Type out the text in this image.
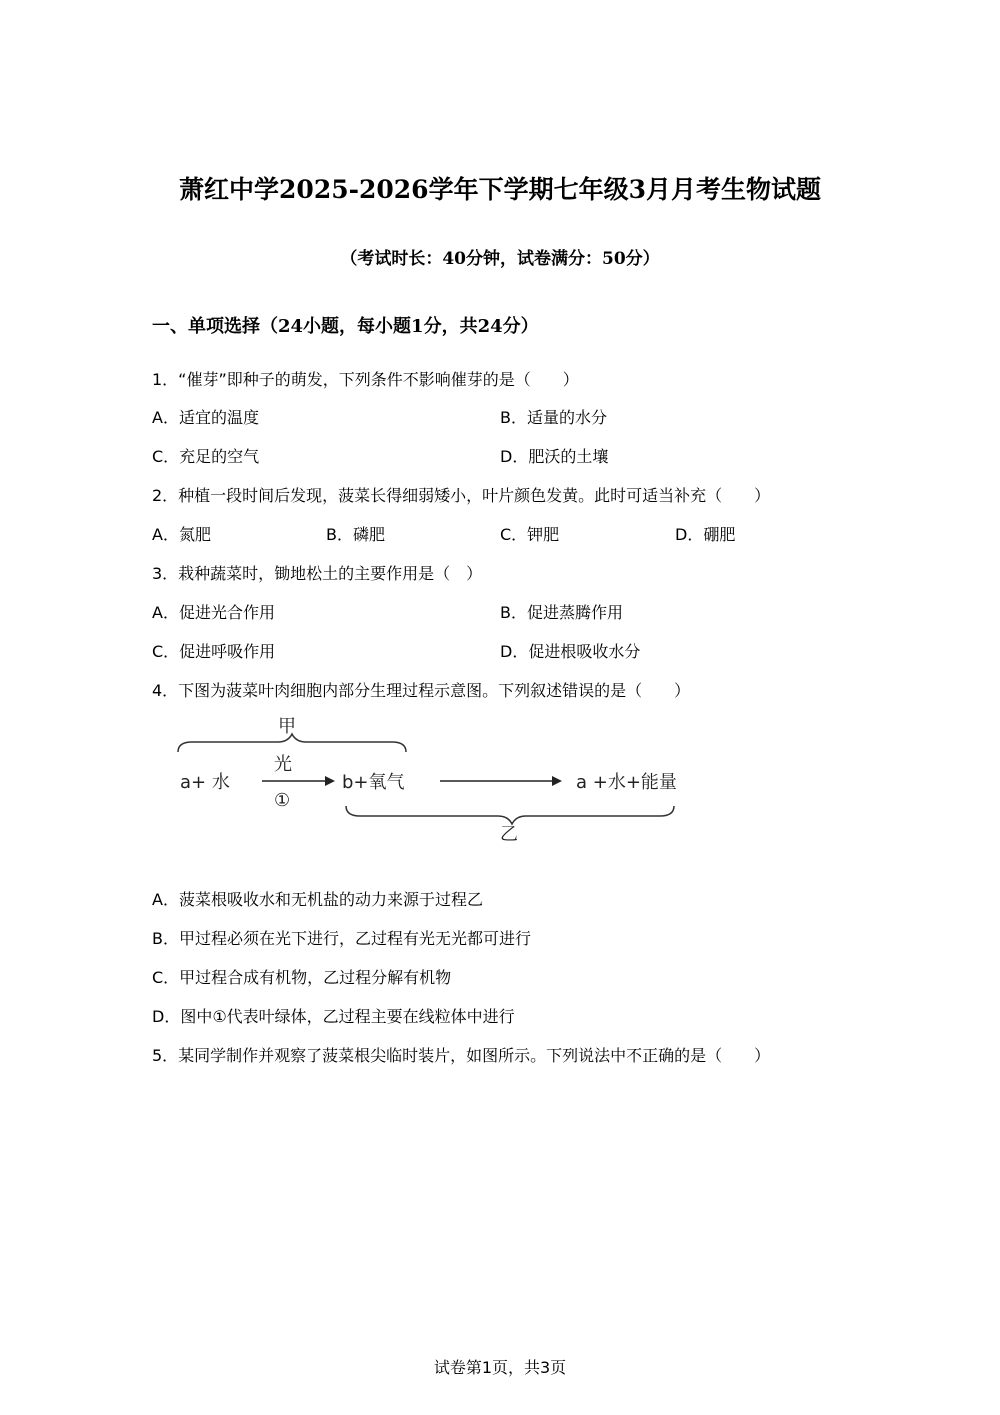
萧红中学2025-2026学年下学期七年级3月月考生物试题
（考试时长：40分钟，试卷满分：50分）
一、单项选择（24小题，每小题1分，共24分）
1．“催芽”即种子的萌发，下列条件不影响催芽的是（　　）
A．适宜的温度	B．适量的水分
C．充足的空气	D．肥沃的土壤
2．种植一段时间后发现，菠菜长得细弱矮小，叶片颜色发黄。此时可适当补充（　　）
A．氮肥	B．磷肥	C．钾肥	D．硼肥
3．栽种蔬菜时，锄地松土的主要作用是（　）
A．促进光合作用	B．促进蒸腾作用
C．促进呼吸作用	D．促进根吸收水分
4．下图为菠菜叶肉细胞内部分生理过程示意图。下列叙述错误的是（　　）
甲
a+ 水
光
①
b+氧气	a +水+能量
乙
A．菠菜根吸收水和无机盐的动力来源于过程乙
B．甲过程必须在光下进行，乙过程有光无光都可进行
C．甲过程合成有机物，乙过程分解有机物
D．图中①代表叶绿体，乙过程主要在线粒体中进行
5．某同学制作并观察了菠菜根尖临时装片，如图所示。下列说法中不正确的是（　　）
试卷第1页，共3页
